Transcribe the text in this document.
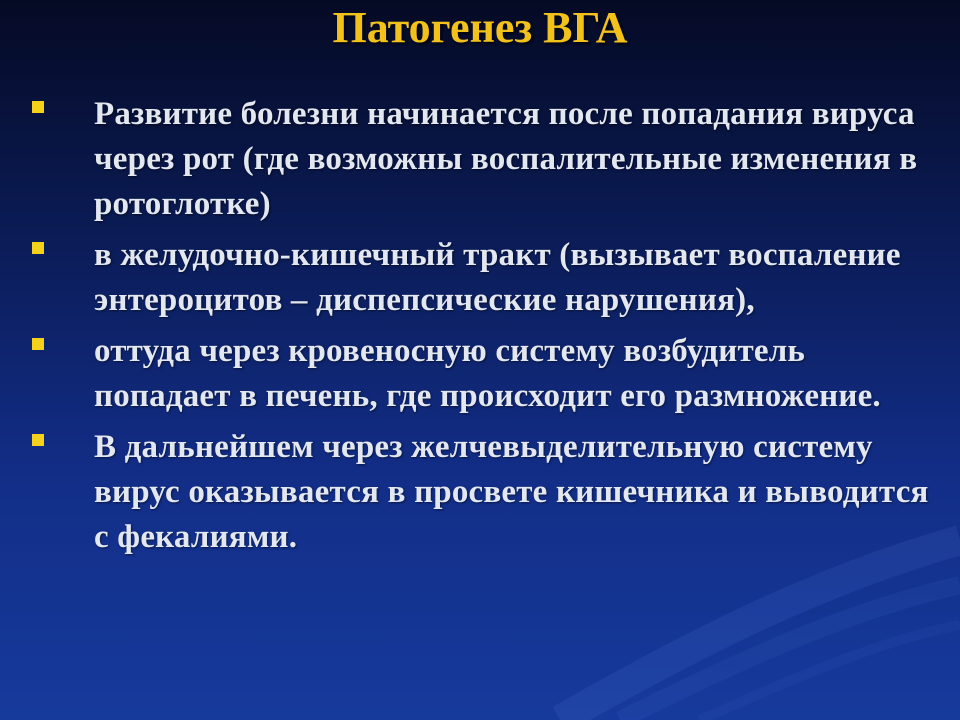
Патогенез ВГА
Развитие болезни начинается после попадания вируса через рот (где возможны воспалительные изменения в ротоглотке)
в желудочно-кишечный тракт (вызывает воспаление энтероцитов – диспепсические нарушения),
оттуда через кровеносную систему возбудитель попадает в печень, где происходит его размножение.
В дальнейшем через желчевыделительную систему вирус оказывается в просвете кишечника и выводится с фекалиями.
